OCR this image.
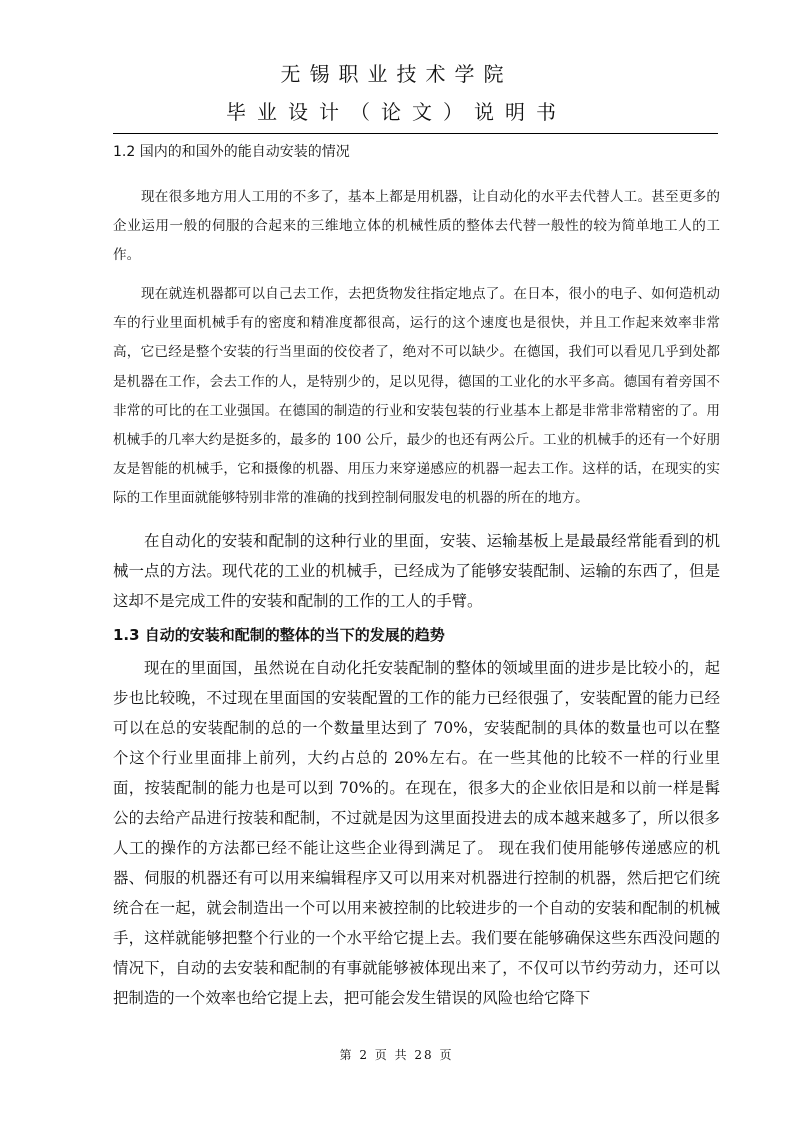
无锡职业技术学院
毕业设计（论文）说明书
1.2 国内的和国外的能自动安装的情况

现在很多地方用人工用的不多了，基本上都是用机器，让自动化的水平去代替人工。甚至更多的企业运用一般的伺服的合起来的三维地立体的机械性质的整体去代替一般性的较为简单地工人的工作。

现在就连机器都可以自己去工作，去把货物发往指定地点了。在日本，很小的电子、如何造机动车的行业里面机械手有的密度和精准度都很高，运行的这个速度也是很快，并且工作起来效率非常高，它已经是整个安装的行当里面的佼佼者了，绝对不可以缺少。在德国，我们可以看见几乎到处都是机器在工作，会去工作的人，是特别少的，足以见得，德国的工业化的水平多高。德国有着旁国不非常的可比的在工业强国。在德国的制造的行业和安装包装的行业基本上都是非常非常精密的了。用机械手的几率大约是挺多的，最多的 100 公斤，最少的也还有两公斤。工业的机械手的还有一个好朋友是智能的机械手，它和摄像的机器、用压力来穿递感应的机器一起去工作。这样的话，在现实的实际的工作里面就能够特别非常的准确的找到控制伺服发电的机器的所在的地方。

在自动化的安装和配制的这种行业的里面，安装、运输基板上是最最经常能看到的机械一点的方法。现代花的工业的机械手，已经成为了能够安装配制、运输的东西了，但是这却不是完成工件的安装和配制的工作的工人的手臂。

1.3 自动的安装和配制的整体的当下的发展的趋势

现在的里面国，虽然说在自动化托安装配制的整体的领域里面的进步是比较小的，起步也比较晚，不过现在里面国的安装配置的工作的能力已经很强了，安装配置的能力已经可以在总的安装配制的总的一个数量里达到了 70%，安装配制的具体的数量也可以在整个这个行业里面排上前列，大约占总的 20%左右。在一些其他的比较不一样的行业里面，按装配制的能力也是可以到 70%的。在现在，很多大的企业依旧是和以前一样是髯公的去给产品进行按装和配制，不过就是因为这里面投进去的成本越来越多了，所以很多人工的操作的方法都已经不能让这些企业得到满足了。 现在我们使用能够传递感应的机器、伺服的机器还有可以用来编辑程序又可以用来对机器进行控制的机器，然后把它们统统合在一起，就会制造出一个可以用来被控制的比较进步的一个自动的安装和配制的机械手，这样就能够把整个行业的一个水平给它提上去。我们要在能够确保这些东西没问题的情况下，自动的去安装和配制的有事就能够被体现出来了，不仅可以节约劳动力，还可以把制造的一个效率也给它提上去，把可能会发生错误的风险也给它降下

第 2 页 共 28 页
